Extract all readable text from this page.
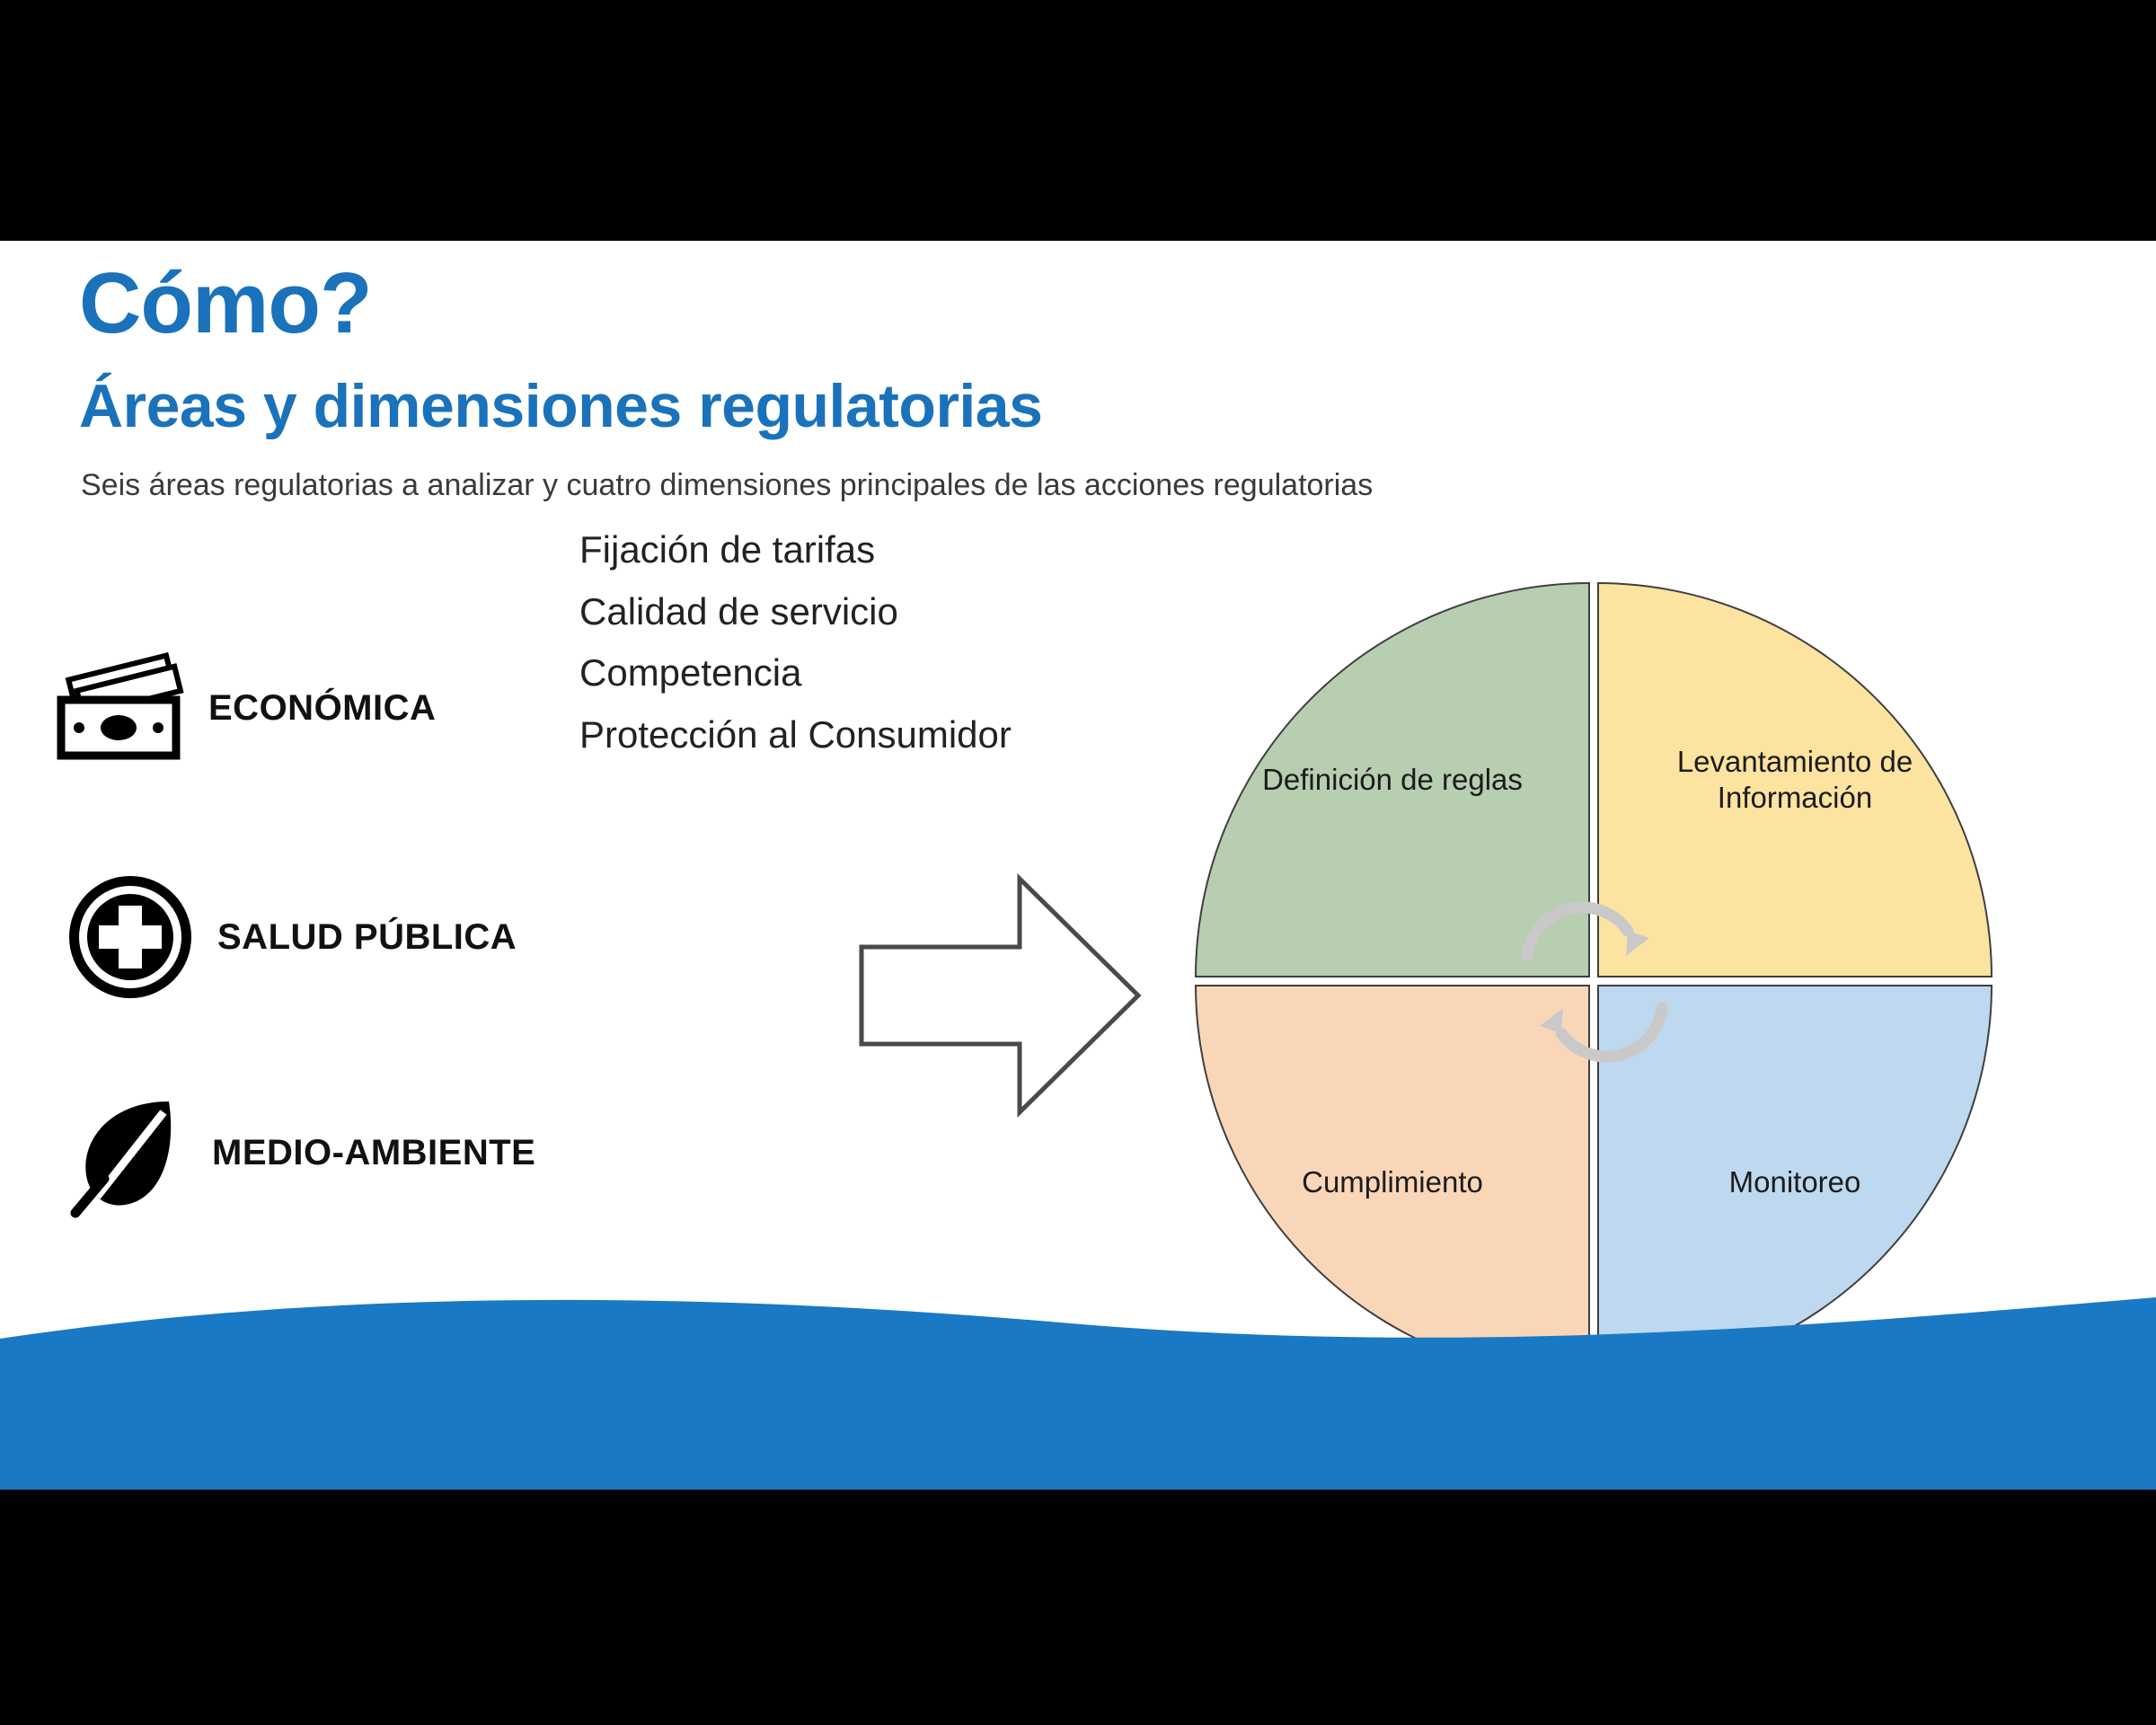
Cómo?
Áreas y dimensiones regulatorias
Seis áreas regulatorias a analizar y cuatro dimensiones principales de las acciones regulatorias
ECONÓMICA
SALUD PÚBLICA
MEDIO-AMBIENTE
Fijación de tarifas
Calidad de servicio
Competencia
Protección al Consumidor
Definición de reglas
Levantamiento de Información
Cumplimiento	Monitoreo
